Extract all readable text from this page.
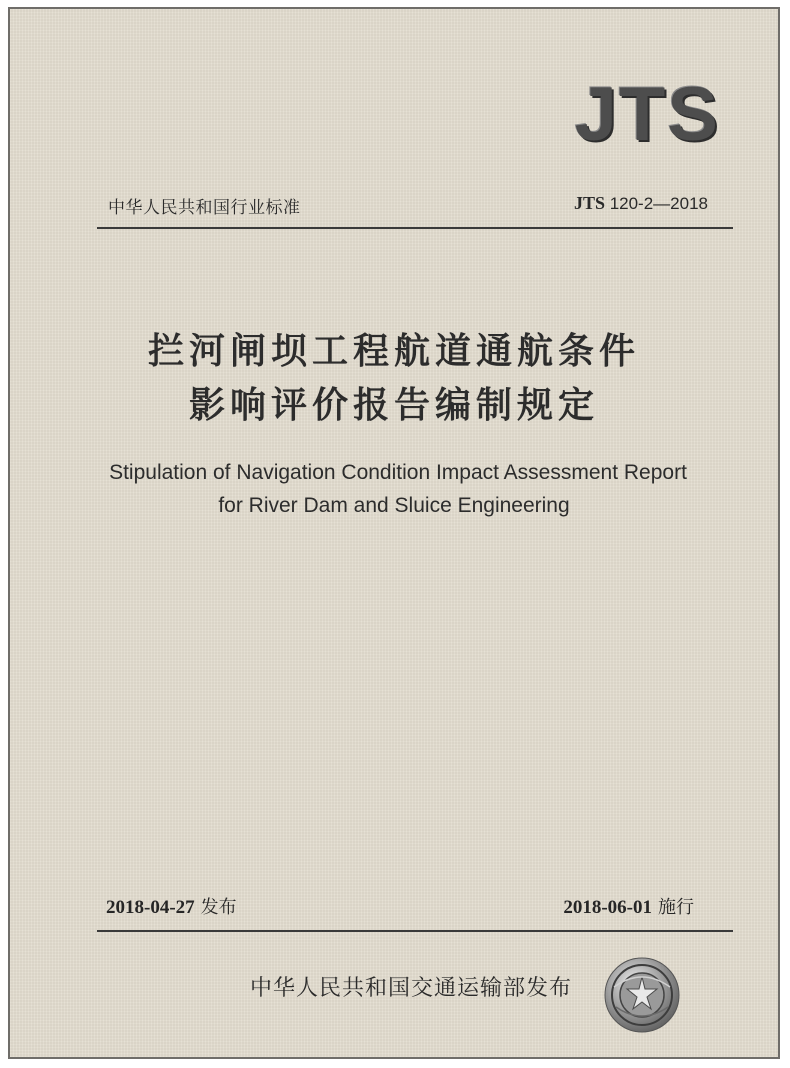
JTS
中华人民共和国行业标准	JTS 120-2—2018
拦河闸坝工程航道通航条件
影响评价报告编制规定
Stipulation of Navigation Condition Impact Assessment Report
for River Dam and Sluice Engineering
2018-04-27 发布	2018-06-01 施行
中华人民共和国交通运输部发布
